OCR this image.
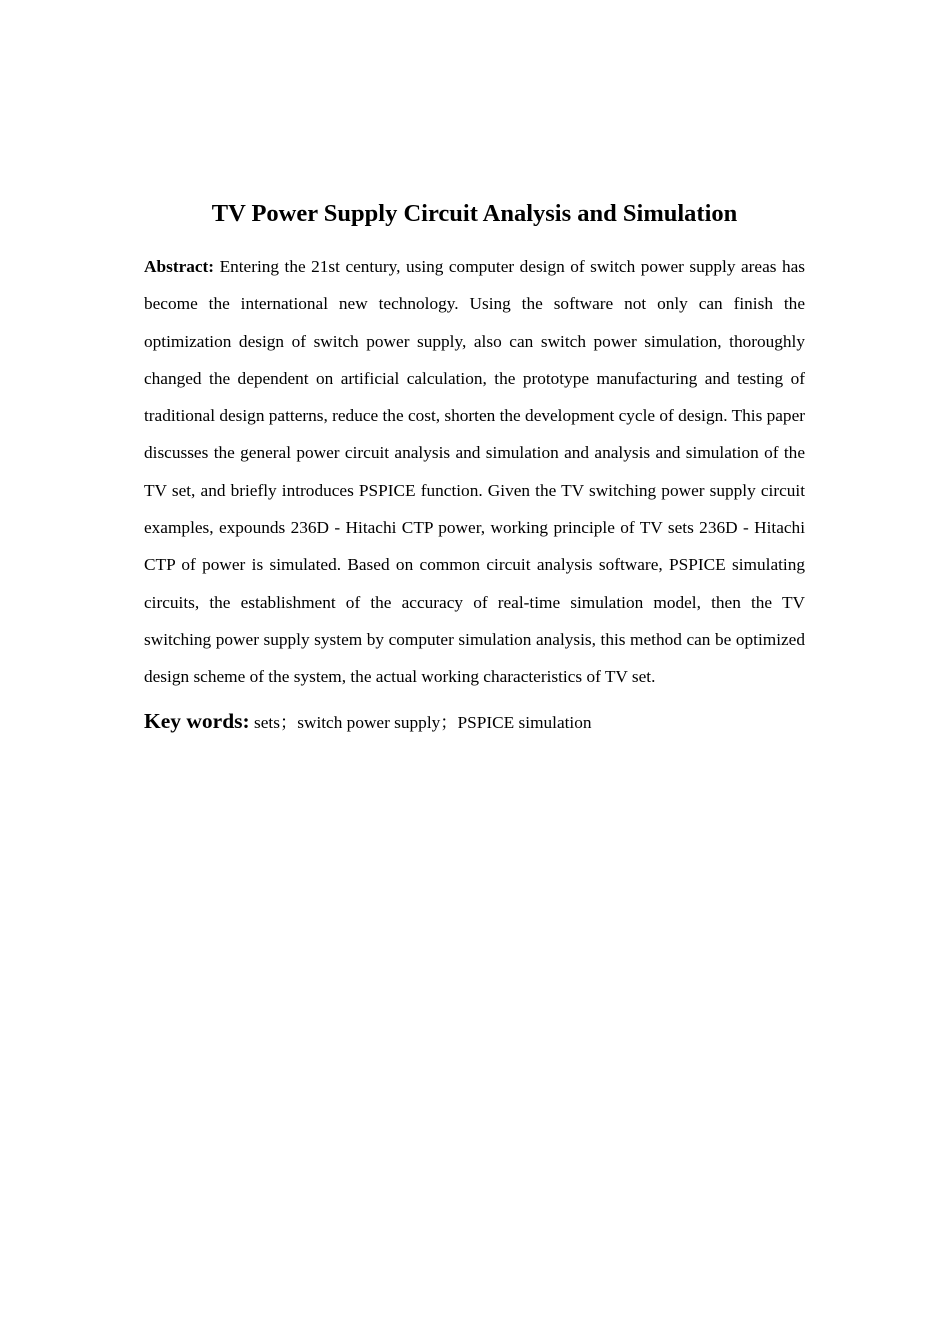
TV Power Supply Circuit Analysis and Simulation

Abstract: Entering the 21st century, using computer design of switch power supply areas has become the international new technology. Using the software not only can finish the optimization design of switch power supply, also can switch power simulation, thoroughly changed the dependent on artificial calculation, the prototype manufacturing and testing of traditional design patterns, reduce the cost, shorten the development cycle of design. This paper discusses the general power circuit analysis and simulation and analysis and simulation of the TV set, and briefly introduces PSPICE function. Given the TV switching power supply circuit examples, expounds 236D - Hitachi CTP power, working principle of TV sets 236D - Hitachi CTP of power is simulated. Based on common circuit analysis software, PSPICE simulating circuits, the establishment of the accuracy of real-time simulation model, then the TV switching power supply system by computer simulation analysis, this method can be optimized design scheme of the system, the actual working characteristics of TV set.

Key words: sets；switch power supply；PSPICE simulation
